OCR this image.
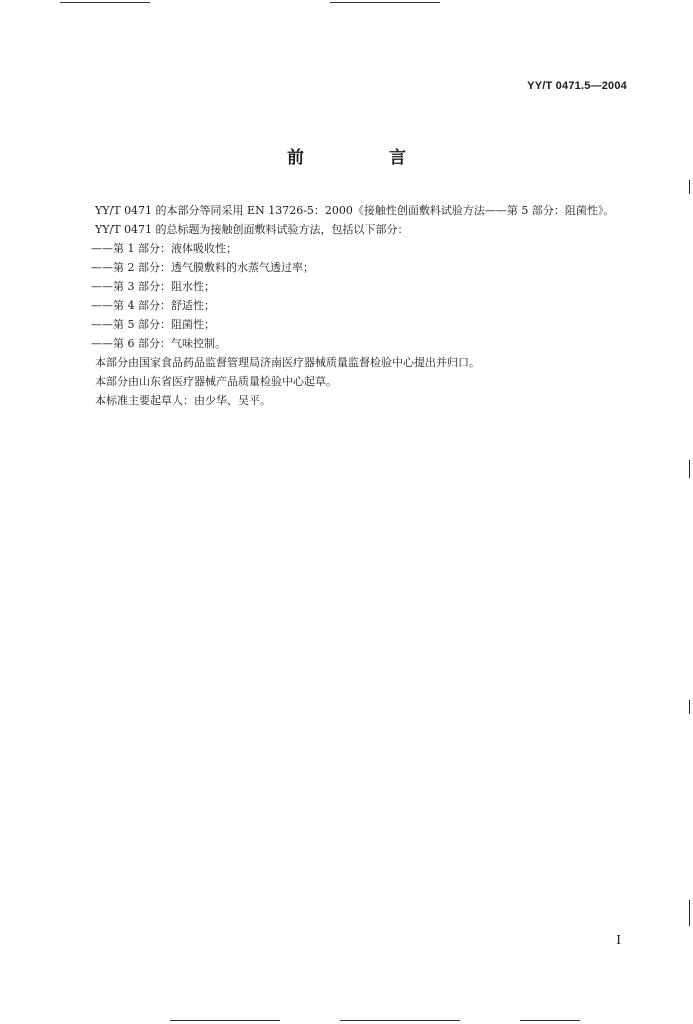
YY/T 0471.5—2004
前　言

YY/T 0471 的本部分等同采用 EN 13726-5：2000《接触性创面敷料试验方法——第 5 部分：阻菌性》。

YY/T 0471 的总标题为接触创面敷料试验方法，包括以下部分：

——第 1 部分：液体吸收性；

——第 2 部分：透气膜敷料的水蒸气透过率；

——第 3 部分：阻水性；

——第 4 部分：舒适性；

——第 5 部分：阻菌性；

——第 6 部分：气味控制。

本部分由国家食品药品监督管理局济南医疗器械质量监督检验中心提出并归口。

本部分由山东省医疗器械产品质量检验中心起草。

本标准主要起草人：由少华、吴平。

I
